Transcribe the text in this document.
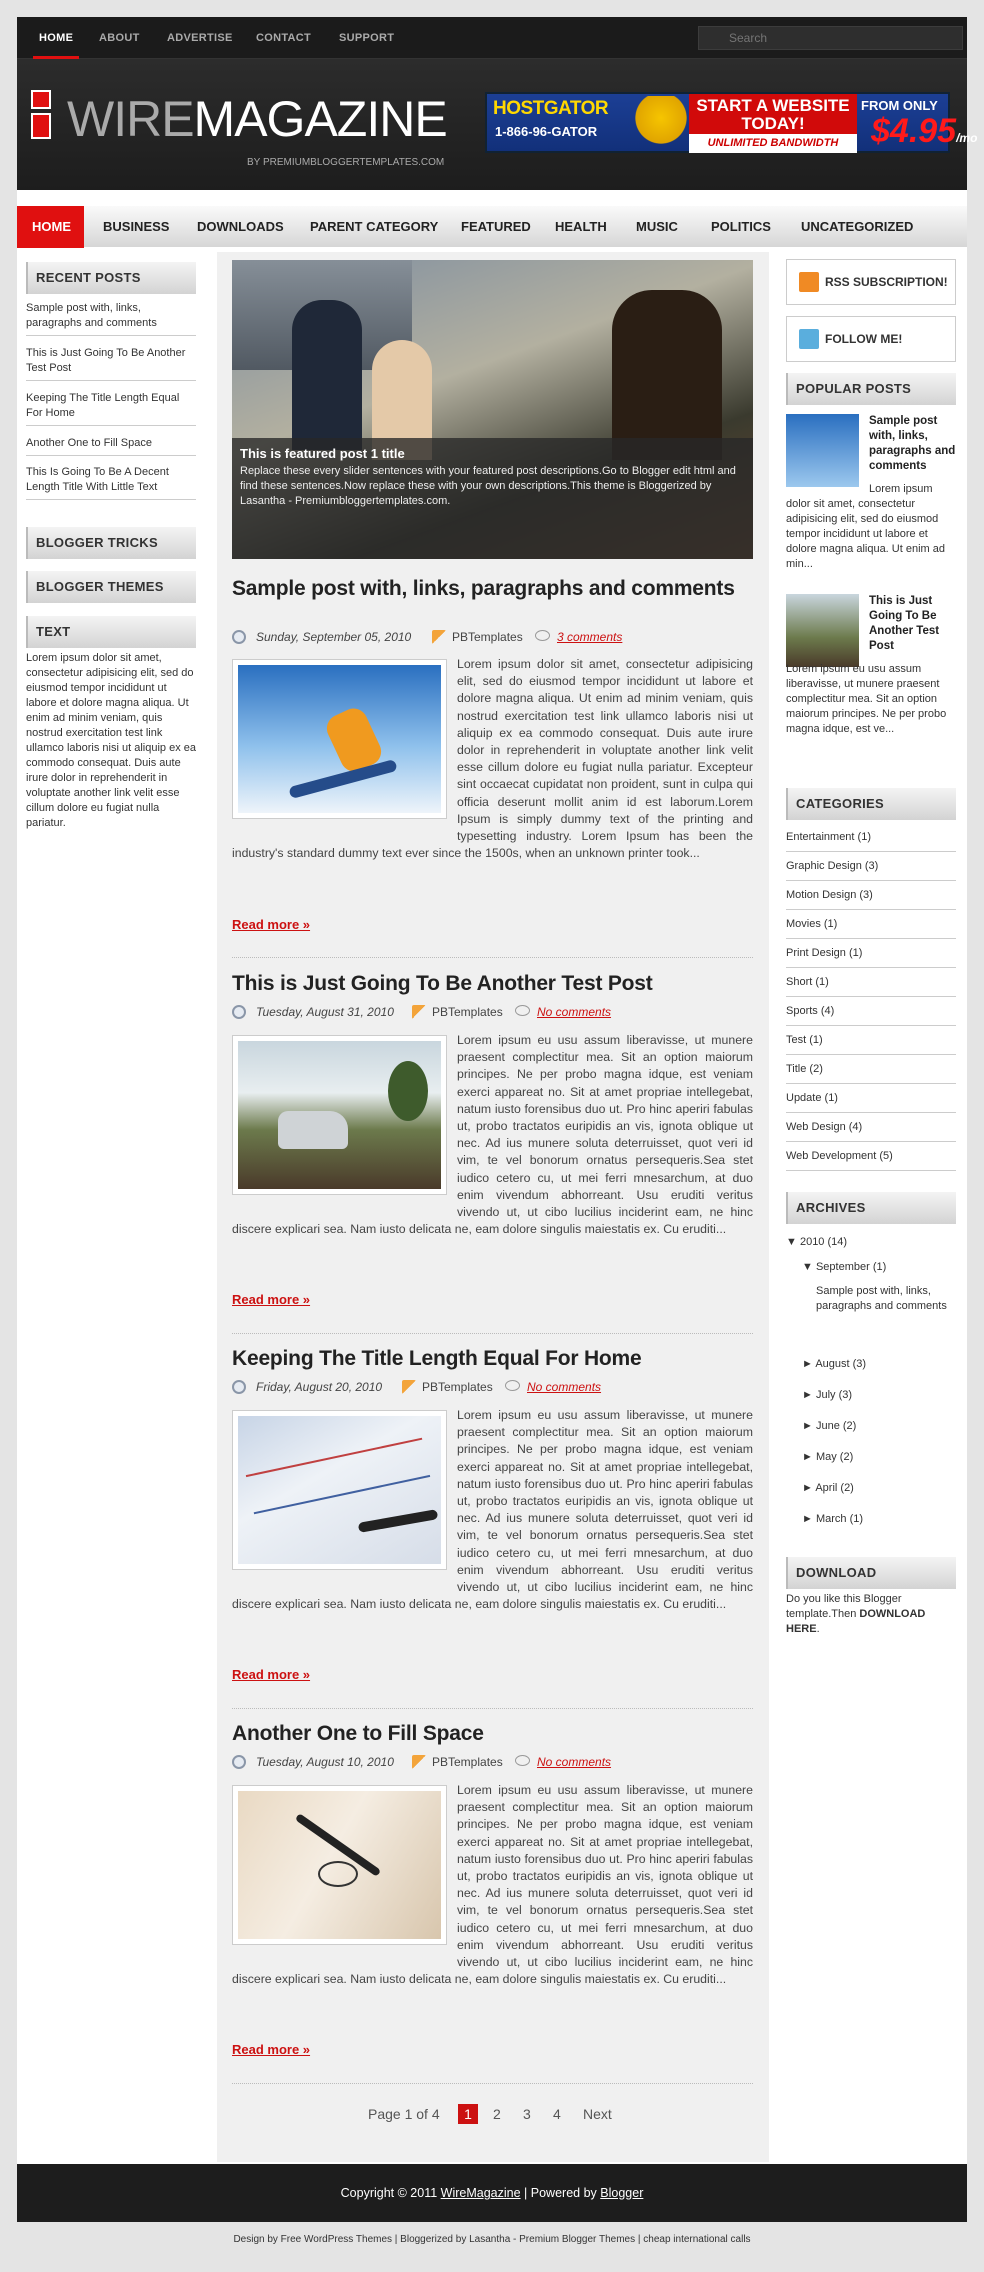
HOME ABOUT ADVERTISE CONTACT	SUPPORT
Search
WIREMAGAZINE
BY PREMIUMBLOGGERTEMPLATES.COM
HOSTGATOR
1-866-96-GATOR
START A WEBSITE TODAY!
UNLIMITED BANDWIDTH
FROM ONLY
$4.95/mo
HOME	BUSINESS	DOWNLOADS	PARENT CATEGORY	FEATURED	HEALTH	MUSIC	POLITICS	UNCATEGORIZED
RECENT POSTS
Sample post with, links, paragraphs and comments
This is Just Going To Be Another Test Post
Keeping The Title Length Equal For Home
Another One to Fill Space
This Is Going To Be A Decent Length Title With Little Text
BLOGGER TRICKS
BLOGGER THEMES
TEXT
Lorem ipsum dolor sit amet, consectetur adipisicing elit, sed do eiusmod tempor incididunt ut labore et dolore magna aliqua. Ut enim ad minim veniam, quis nostrud exercitation test link ullamco laboris nisi ut aliquip ex ea commodo consequat. Duis aute irure dolor in reprehenderit in voluptate another link velit esse cillum dolore eu fugiat nulla pariatur.
This is featured post 1 title

Replace these every slider sentences with your featured post descriptions.Go to Blogger edit html and find these sentences.Now replace these with your own descriptions.This theme is Bloggerized by Lasantha - Premiumbloggertemplates.com.

Sample post with, links, paragraphs and comments
Sunday, September 05, 2010	PBTemplates	3 comments
Lorem ipsum dolor sit amet, consectetur adipisicing elit, sed do eiusmod tempor incididunt ut labore et dolore magna aliqua. Ut enim ad minim veniam, quis nostrud exercitation test link ullamco laboris nisi ut aliquip ex ea commodo consequat. Duis aute irure dolor in reprehenderit in voluptate another link velit esse cillum dolore eu fugiat nulla pariatur. Excepteur sint occaecat cupidatat non proident, sunt in culpa qui officia deserunt mollit anim id est laborum.Lorem Ipsum is simply dummy text of the printing and typesetting industry. Lorem Ipsum has been the industry's standard dummy text ever since the 1500s, when an unknown printer took...
Read more »
This is Just Going To Be Another Test Post
Tuesday, August 31, 2010	PBTemplates	No comments
Lorem ipsum eu usu assum liberavisse, ut munere praesent complectitur mea. Sit an option maiorum principes. Ne per probo magna idque, est veniam exerci appareat no. Sit at amet propriae intellegebat, natum iusto forensibus duo ut. Pro hinc aperiri fabulas ut, probo tractatos euripidis an vis, ignota oblique ut nec. Ad ius munere soluta deterruisset, quot veri id vim, te vel bonorum ornatus persequeris.Sea stet iudico cetero cu, ut mei ferri mnesarchum, at duo enim vivendum abhorreant. Usu eruditi veritus vivendo ut, ut cibo lucilius inciderint eam, ne hinc discere explicari sea. Nam iusto delicata ne, eam dolore singulis maiestatis ex. Cu eruditi...
Read more »
Keeping The Title Length Equal For Home
Friday, August 20, 2010	PBTemplates	No comments
Lorem ipsum eu usu assum liberavisse, ut munere praesent complectitur mea. Sit an option maiorum principes. Ne per probo magna idque, est veniam exerci appareat no. Sit at amet propriae intellegebat, natum iusto forensibus duo ut. Pro hinc aperiri fabulas ut, probo tractatos euripidis an vis, ignota oblique ut nec. Ad ius munere soluta deterruisset, quot veri id vim, te vel bonorum ornatus persequeris.Sea stet iudico cetero cu, ut mei ferri mnesarchum, at duo enim vivendum abhorreant. Usu eruditi veritus vivendo ut, ut cibo lucilius inciderint eam, ne hinc discere explicari sea. Nam iusto delicata ne, eam dolore singulis maiestatis ex. Cu eruditi...
Read more »
Another One to Fill Space
Tuesday, August 10, 2010	PBTemplates	No comments
Lorem ipsum eu usu assum liberavisse, ut munere praesent complectitur mea. Sit an option maiorum principes. Ne per probo magna idque, est veniam exerci appareat no. Sit at amet propriae intellegebat, natum iusto forensibus duo ut. Pro hinc aperiri fabulas ut, probo tractatos euripidis an vis, ignota oblique ut nec. Ad ius munere soluta deterruisset, quot veri id vim, te vel bonorum ornatus persequeris.Sea stet iudico cetero cu, ut mei ferri mnesarchum, at duo enim vivendum abhorreant. Usu eruditi veritus vivendo ut, ut cibo lucilius inciderint eam, ne hinc discere explicari sea. Nam iusto delicata ne, eam dolore singulis maiestatis ex. Cu eruditi...
Read more »
Page 1 of 4	1	2 3 4 Next
RSS SUBSCRIPTION!
FOLLOW ME!
POPULAR POSTS
Sample post with, links, paragraphs and comments
Lorem ipsum dolor sit amet, consectetur adipisicing elit, sed do eiusmod tempor incididunt ut labore et dolore magna aliqua. Ut enim ad min...
This is Just Going To Be Another Test Post
Lorem ipsum eu usu assum liberavisse, ut munere praesent complectitur mea. Sit an option maiorum principes. Ne per probo magna idque, est ve...
CATEGORIES
Entertainment (1)
Graphic Design (3)
Motion Design (3)
Movies (1)
Print Design (1)
Short (1)
Sports (4)
Test (1)
Title (2)
Update (1)
Web Design (4)
Web Development (5)
ARCHIVES
▼ 2010 (14)
▼ September (1)
Sample post with, links, paragraphs and comments
► August (3)
► July (3)
► June (2)
► May (2)
► April (2)
► March (1)
DOWNLOAD
Do you like this Blogger template.Then DOWNLOAD HERE.
Copyright © 2011 WireMagazine | Powered by Blogger
Design by Free WordPress Themes | Bloggerized by Lasantha - Premium Blogger Themes | cheap international calls
